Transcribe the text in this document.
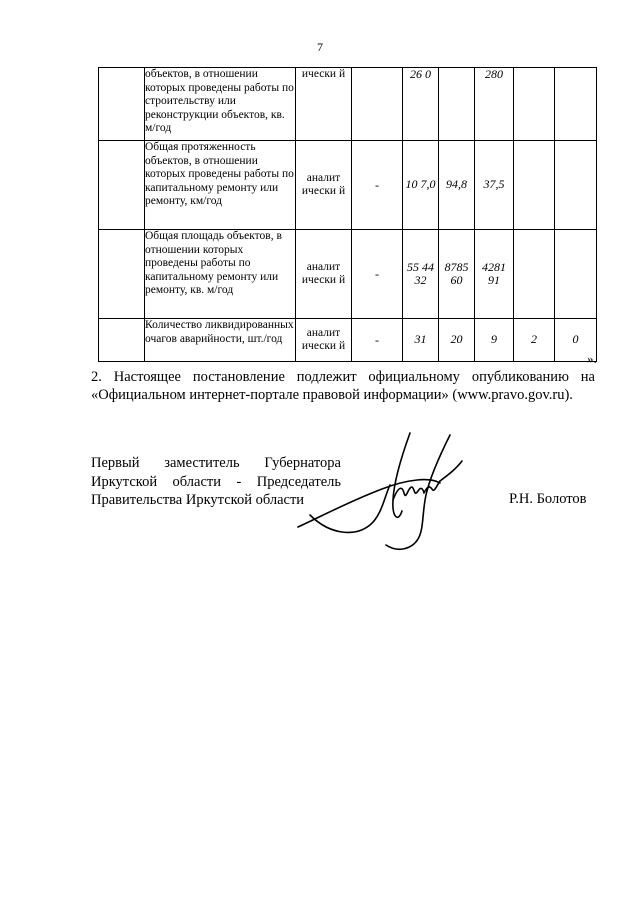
7
	объектов, в отношении которых проведены работы по строительству или реконструкции объектов, кв. м/год	ически й		26 0		280		
	Общая протяженность объектов, в отношении которых проведены работы по капитальному ремонту или ремонту, км/год	аналит ически й	-	10 7,0	94,8	37,5		
	Общая площадь объектов, в отношении которых проведены работы по капитальному ремонту или ремонту, кв. м/год	аналит ически й	-	55 44 32	8785 60	4281 91		
	Количество ликвидированных очагов аварийности, шт./год	аналит ически й	-	31	20	9	2	0
».
2. Настоящее постановление подлежит официальному опубликованию на «Официальном интернет-портале правовой информации» (www.pravo.gov.ru).
Первый заместитель Губернатора
Иркутской области - Председатель
Правительства Иркутской области	Р.Н. Болотов
